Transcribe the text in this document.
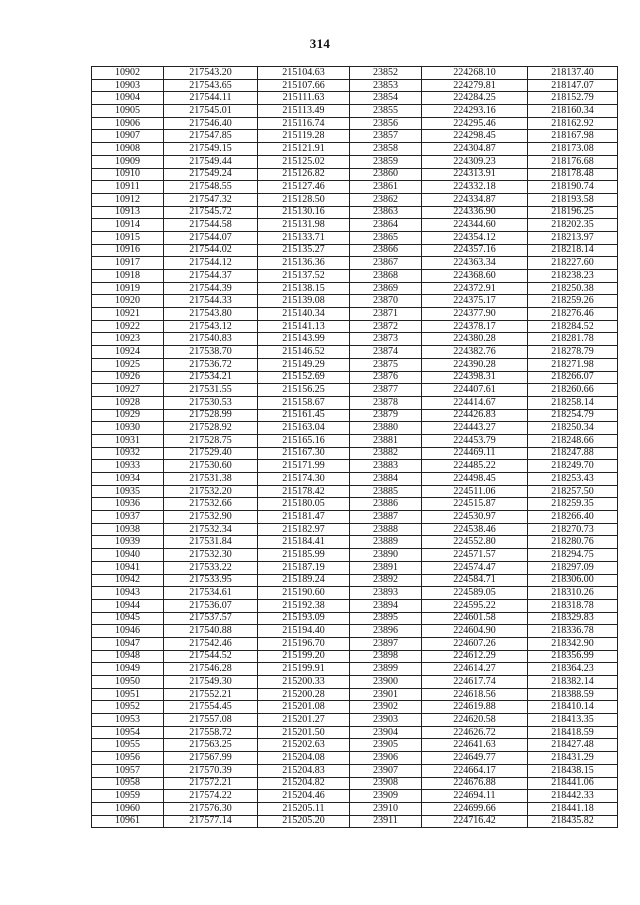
314
10902	217543.20	215104.63	23852	224268.10	218137.40
10903	217543.65	215107.66	23853	224279.81	218147.07
10904	217544.11	215111.63	23854	224284.25	218152.79
10905	217545.01	215113.49	23855	224293.16	218160.34
10906	217546.40	215116.74	23856	224295.46	218162.92
10907	217547.85	215119.28	23857	224298.45	218167.98
10908	217549.15	215121.91	23858	224304.87	218173.08
10909	217549.44	215125.02	23859	224309.23	218176.68
10910	217549.24	215126.82	23860	224313.91	218178.48
10911	217548.55	215127.46	23861	224332.18	218190.74
10912	217547.32	215128.50	23862	224334.87	218193.58
10913	217545.72	215130.16	23863	224336.90	218196.25
10914	217544.58	215131.98	23864	224344.60	218202.35
10915	217544.07	215133.71	23865	224354.12	218213.97
10916	217544.02	215135.27	23866	224357.16	218218.14
10917	217544.12	215136.36	23867	224363.34	218227.60
10918	217544.37	215137.52	23868	224368.60	218238.23
10919	217544.39	215138.15	23869	224372.91	218250.38
10920	217544.33	215139.08	23870	224375.17	218259.26
10921	217543.80	215140.34	23871	224377.90	218276.46
10922	217543.12	215141.13	23872	224378.17	218284.52
10923	217540.83	215143.99	23873	224380.28	218281.78
10924	217538.70	215146.52	23874	224382.76	218278.79
10925	217536.72	215149.29	23875	224390.28	218271.98
10926	217534.21	215152.69	23876	224398.31	218266.07
10927	217531.55	215156.25	23877	224407.61	218260.66
10928	217530.53	215158.67	23878	224414.67	218258.14
10929	217528.99	215161.45	23879	224426.83	218254.79
10930	217528.92	215163.04	23880	224443.27	218250.34
10931	217528.75	215165.16	23881	224453.79	218248.66
10932	217529.40	215167.30	23882	224469.11	218247.88
10933	217530.60	215171.99	23883	224485.22	218249.70
10934	217531.38	215174.30	23884	224498.45	218253.43
10935	217532.20	215178.42	23885	224511.06	218257.50
10936	217532.66	215180.05	23886	224515.87	218259.35
10937	217532.90	215181.47	23887	224530.97	218266.40
10938	217532.34	215182.97	23888	224538.46	218270.73
10939	217531.84	215184.41	23889	224552.80	218280.76
10940	217532.30	215185.99	23890	224571.57	218294.75
10941	217533.22	215187.19	23891	224574.47	218297.09
10942	217533.95	215189.24	23892	224584.71	218306.00
10943	217534.61	215190.60	23893	224589.05	218310.26
10944	217536.07	215192.38	23894	224595.22	218318.78
10945	217537.57	215193.09	23895	224601.58	218329.83
10946	217540.88	215194.40	23896	224604.90	218336.78
10947	217542.46	215196.70	23897	224607.26	218342.90
10948	217544.52	215199.20	23898	224612.29	218356.99
10949	217546.28	215199.91	23899	224614.27	218364.23
10950	217549.30	215200.33	23900	224617.74	218382.14
10951	217552.21	215200.28	23901	224618.56	218388.59
10952	217554.45	215201.08	23902	224619.88	218410.14
10953	217557.08	215201.27	23903	224620.58	218413.35
10954	217558.72	215201.50	23904	224626.72	218418.59
10955	217563.25	215202.63	23905	224641.63	218427.48
10956	217567.99	215204.08	23906	224649.77	218431.29
10957	217570.39	215204.83	23907	224664.17	218438.15
10958	217572.21	215204.82	23908	224676.88	218441.06
10959	217574.22	215204.46	23909	224694.11	218442.33
10960	217576.30	215205.11	23910	224699.66	218441.18
10961	217577.14	215205.20	23911	224716.42	218435.82
